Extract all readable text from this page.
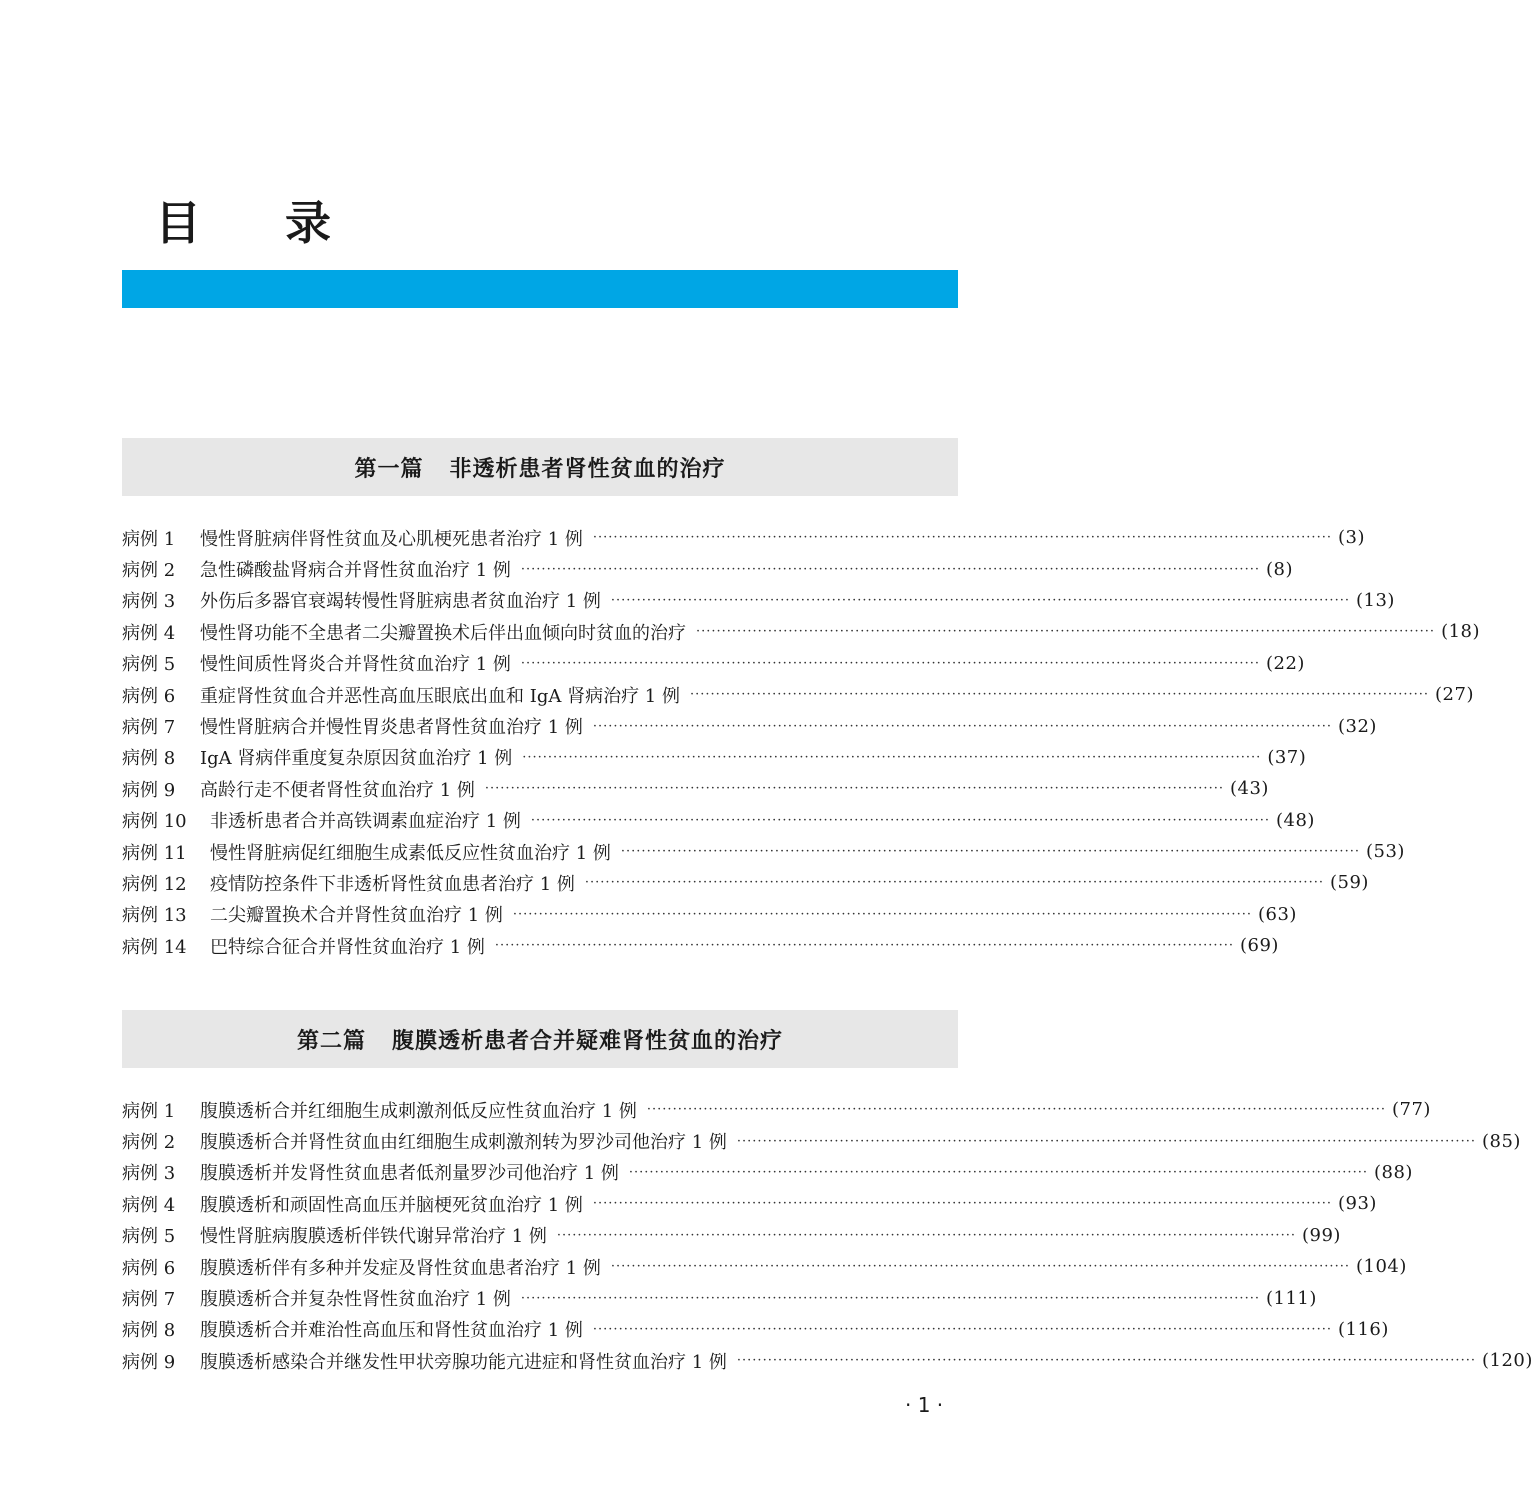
目 录
第一篇 非透析患者肾性贫血的治疗
病例 1	慢性肾脏病伴肾性贫血及心肌梗死患者治疗 1 例 ·····	(3)
病例 2	急性磷酸盐肾病合并肾性贫血治疗 1 例 ·····	(8)
病例 3	外伤后多器官衰竭转慢性肾脏病患者贫血治疗 1 例 ·····	(13)
病例 4	慢性肾功能不全患者二尖瓣置换术后伴出血倾向时贫血的治疗 ·····	(18)
病例 5	慢性间质性肾炎合并肾性贫血治疗 1 例 ·····	(22)
病例 6	重症肾性贫血合并恶性高血压眼底出血和 IgA 肾病治疗 1 例 ·····	(27)
病例 7	慢性肾脏病合并慢性胃炎患者肾性贫血治疗 1 例 ·····	(32)
病例 8	IgA 肾病伴重度复杂原因贫血治疗 1 例 ·····	(37)
病例 9	高龄行走不便者肾性贫血治疗 1 例 ·····	(43)
病例 10	非透析患者合并高铁调素血症治疗 1 例 ·····	(48)
病例 11	慢性肾脏病促红细胞生成素低反应性贫血治疗 1 例 ·····	(53)
病例 12	疫情防控条件下非透析肾性贫血患者治疗 1 例 ·····	(59)
病例 13	二尖瓣置换术合并肾性贫血治疗 1 例 ·····	(63)
病例 14	巴特综合征合并肾性贫血治疗 1 例 ·····	(69)
第二篇 腹膜透析患者合并疑难肾性贫血的治疗
病例 1	腹膜透析合并红细胞生成刺激剂低反应性贫血治疗 1 例 ·····	(77)
病例 2	腹膜透析合并肾性贫血由红细胞生成刺激剂转为罗沙司他治疗 1 例 ·····	(85)
病例 3	腹膜透析并发肾性贫血患者低剂量罗沙司他治疗 1 例 ·····	(88)
病例 4	腹膜透析和顽固性高血压并脑梗死贫血治疗 1 例 ·····	(93)
病例 5	慢性肾脏病腹膜透析伴铁代谢异常治疗 1 例 ·····	(99)
病例 6	腹膜透析伴有多种并发症及肾性贫血患者治疗 1 例 ·····	(104)
病例 7	腹膜透析合并复杂性肾性贫血治疗 1 例 ·····	(111)
病例 8	腹膜透析合并难治性高血压和肾性贫血治疗 1 例 ·····	(116)
病例 9	腹膜透析感染合并继发性甲状旁腺功能亢进症和肾性贫血治疗 1 例 ·····	(120)
· 1 ·
